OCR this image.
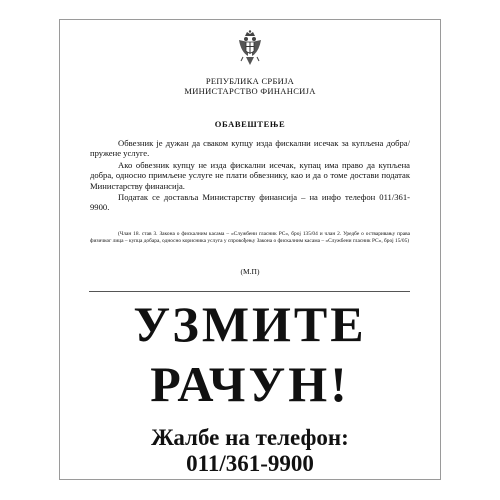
РЕПУБЛИКА СРБИЈА
МИНИСТАРСТВО ФИНАНСИЈА
ОБАВЕШТЕЊЕ

Обвезник је дужан да сваком купцу изда фискални исечак за купљена добра/пружене услуге.

Ако обвезник купцу не изда фискални исечак, купац има право да купљена добра, односно примљене услуге не плати обвезнику, као и да о томе достави податак Министарству финансија.

Податак се доставља Министарству финансија – на инфо телефон 011/361-9900.

(Члан 18. став 3. Закона о фискалним касама – «Службени гласник РС», број 135/04 и члан 2. Уредбе о остваривању права физичког лица – купца добара, односно корисника услуга у спровођењу Закона о фискалним касама – «Службени гласник РС», број 15/05)
(М.П)
УЗМИТЕ
РАЧУН!
Жалбе на телефон:
011/361-9900
